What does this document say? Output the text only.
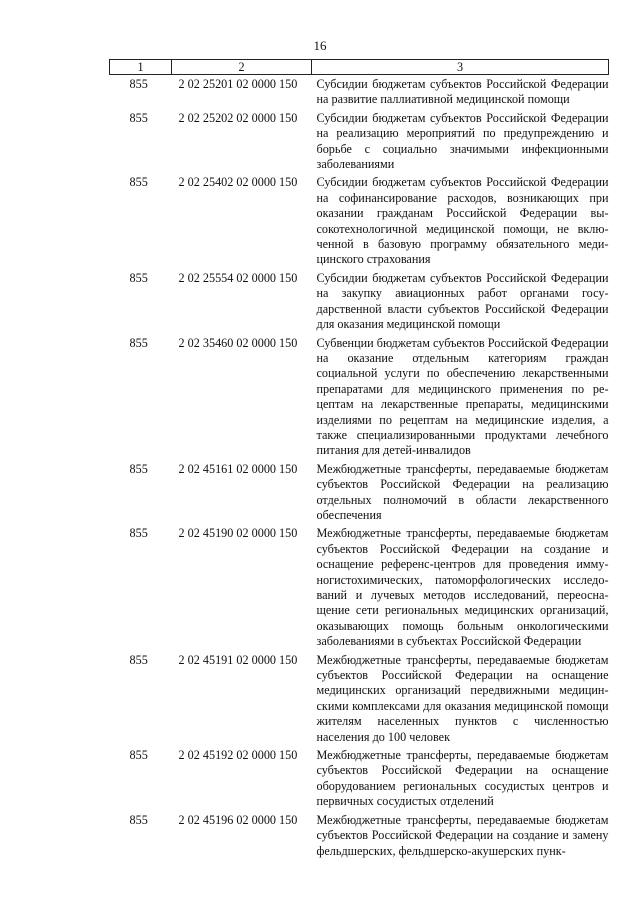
16
1	2	3
855	2 02 25201 02 0000 150	Субсидии бюджетам субъектов Российской Федерации на развитие паллиативной медицинской помощи
855	2 02 25202 02 0000 150	Субсидии бюджетам субъектов Российской Федерации на реализацию мероприятий по предупреждению и борьбе с социально значимыми инфекционными заболеваниями
855	2 02 25402 02 0000 150	Субсидии бюджетам субъектов Российской Федерации на софинансирование расходов, возникающих при оказании гражданам Российской Федерации высокотехнологичной медицинской помощи, не включенной в базовую программу обязательного медицинского страхования
855	2 02 25554 02 0000 150	Субсидии бюджетам субъектов Российской Федерации на закупку авиационных работ органами государственной власти субъектов Российской Федерации для оказания медицинской помощи
855	2 02 35460 02 0000 150	Субвенции бюджетам субъектов Российской Федерации на оказание отдельным категориям граждан социальной услуги по обеспечению лекарственными препаратами для медицинского применения по рецептам на лекарственные препараты, медицинскими изделиями по рецептам на медицинские изделия, а также специализированными продуктами лечебного питания для детей-инвалидов
855	2 02 45161 02 0000 150	Межбюджетные трансферты, передаваемые бюджетам субъектов Российской Федерации на реализацию отдельных полномочий в области лекарственного обеспечения
855	2 02 45190 02 0000 150	Межбюджетные трансферты, передаваемые бюджетам субъектов Российской Федерации на создание и оснащение референс-центров для проведения иммуногистохимических, патоморфологических исследований и лучевых методов исследований, переоснащение сети региональных медицинских организаций, оказывающих помощь больным онкологическими заболеваниями в субъектах Российской Федерации
855	2 02 45191 02 0000 150	Межбюджетные трансферты, передаваемые бюджетам субъектов Российской Федерации на оснащение медицинских организаций передвижными медицинскими комплексами для оказания медицинской помощи жителям населенных пунктов с численностью населения до 100 человек
855	2 02 45192 02 0000 150	Межбюджетные трансферты, передаваемые бюджетам субъектов Российской Федерации на оснащение оборудованием региональных сосудистых центров и первичных сосудистых отделений
855	2 02 45196 02 0000 150	Межбюджетные трансферты, передаваемые бюджетам субъектов Российской Федерации на создание и замену фельдшерских, фельдшерско-акушерских пунк-
